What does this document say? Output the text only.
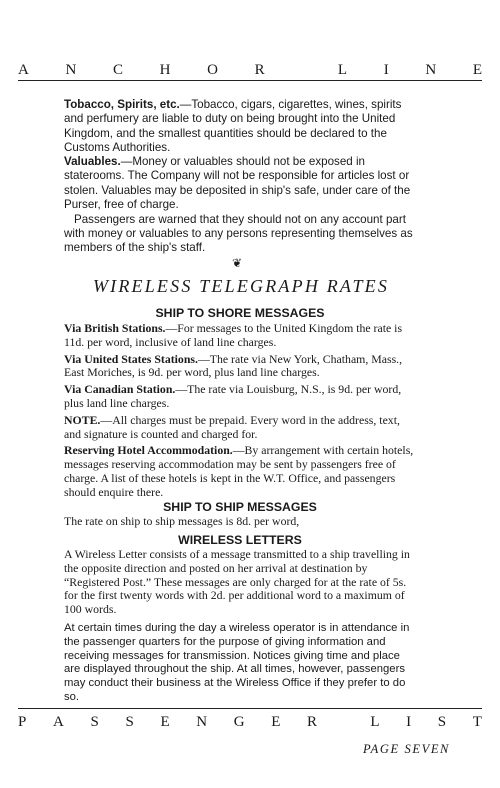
A N C H O R	L I N E

Tobacco, Spirits, etc.—Tobacco, cigars, cigarettes, wines, spirits and perfumery are liable to duty on being brought into the United Kingdom, and the smallest quantities should be declared to the Customs Authorities.

Valuables.—Money or valuables should not be exposed in staterooms. The Company will not be responsible for articles lost or stolen. Valuables may be deposited in ship's safe, under care of the Purser, free of charge.

Passengers are warned that they should not on any account part with money or valuables to any persons representing themselves as members of the ship's staff.

❦
WIRELESS TELEGRAPH RATES

SHIP TO SHORE MESSAGES

Via British Stations.—For messages to the United Kingdom the rate is 11d. per word, inclusive of land line charges.

Via United States Stations.—The rate via New York, Chatham, Mass., East Moriches, is 9d. per word, plus land line charges.

Via Canadian Station.—The rate via Louisburg, N.S., is 9d. per word, plus land line charges.

NOTE.—All charges must be prepaid. Every word in the address, text, and signature is counted and charged for.

Reserving Hotel Accommodation.—By arrangement with certain hotels, messages reserving accommodation may be sent by passengers free of charge. A list of these hotels is kept in the W.T. Office, and passengers should enquire there.

SHIP TO SHIP MESSAGES

The rate on ship to ship messages is 8d. per word,

WIRELESS LETTERS

A Wireless Letter consists of a message transmitted to a ship travelling in the opposite direction and posted on her arrival at destination by “Registered Post.” These messages are only charged for at the rate of 5s. for the first twenty words with 2d. per additional word to a maximum of 100 words.

At certain times during the day a wireless operator is in attendance in the passenger quarters for the purpose of giving information and receiving messages for transmission. Notices giving time and place are displayed throughout the ship. At all times, however, passengers may conduct their business at the Wireless Office if they prefer to do so.

P A S S E N G E R	L I S T
PAGE SEVEN
